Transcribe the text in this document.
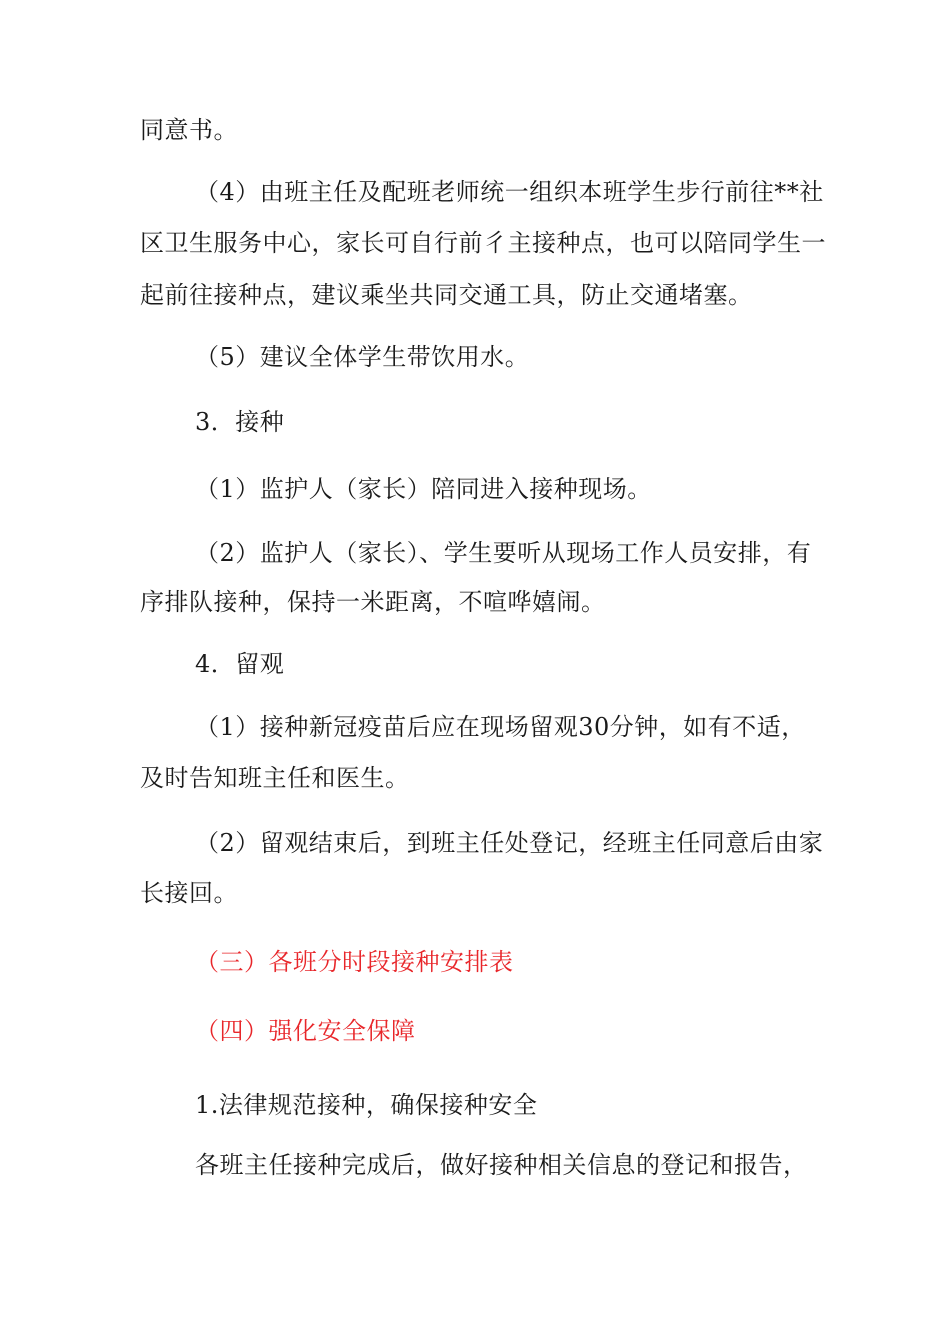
同意书。
（4）由班主任及配班老师统一组织本班学生步行前往**社
区卫生服务中心，家长可自行前彳主接种点，也可以陪同学生一
起前往接种点，建议乘坐共同交通工具，防止交通堵塞。
（5）建议全体学生带饮用水。
3．接种
（1）监护人（家长）陪同进入接种现场。
（2）监护人（家长）、学生要听从现场工作人员安排，有
序排队接种，保持一米距离，不喧哗嬉闹。
4．留观
（1）接种新冠疫苗后应在现场留观30分钟，如有不适，
及时告知班主任和医生。
（2）留观结束后，到班主任处登记，经班主任同意后由家
长接回。
（三）各班分时段接种安排表
（四）强化安全保障
1.法律规范接种，确保接种安全
各班主任接种完成后，做好接种相关信息的登记和报告，
